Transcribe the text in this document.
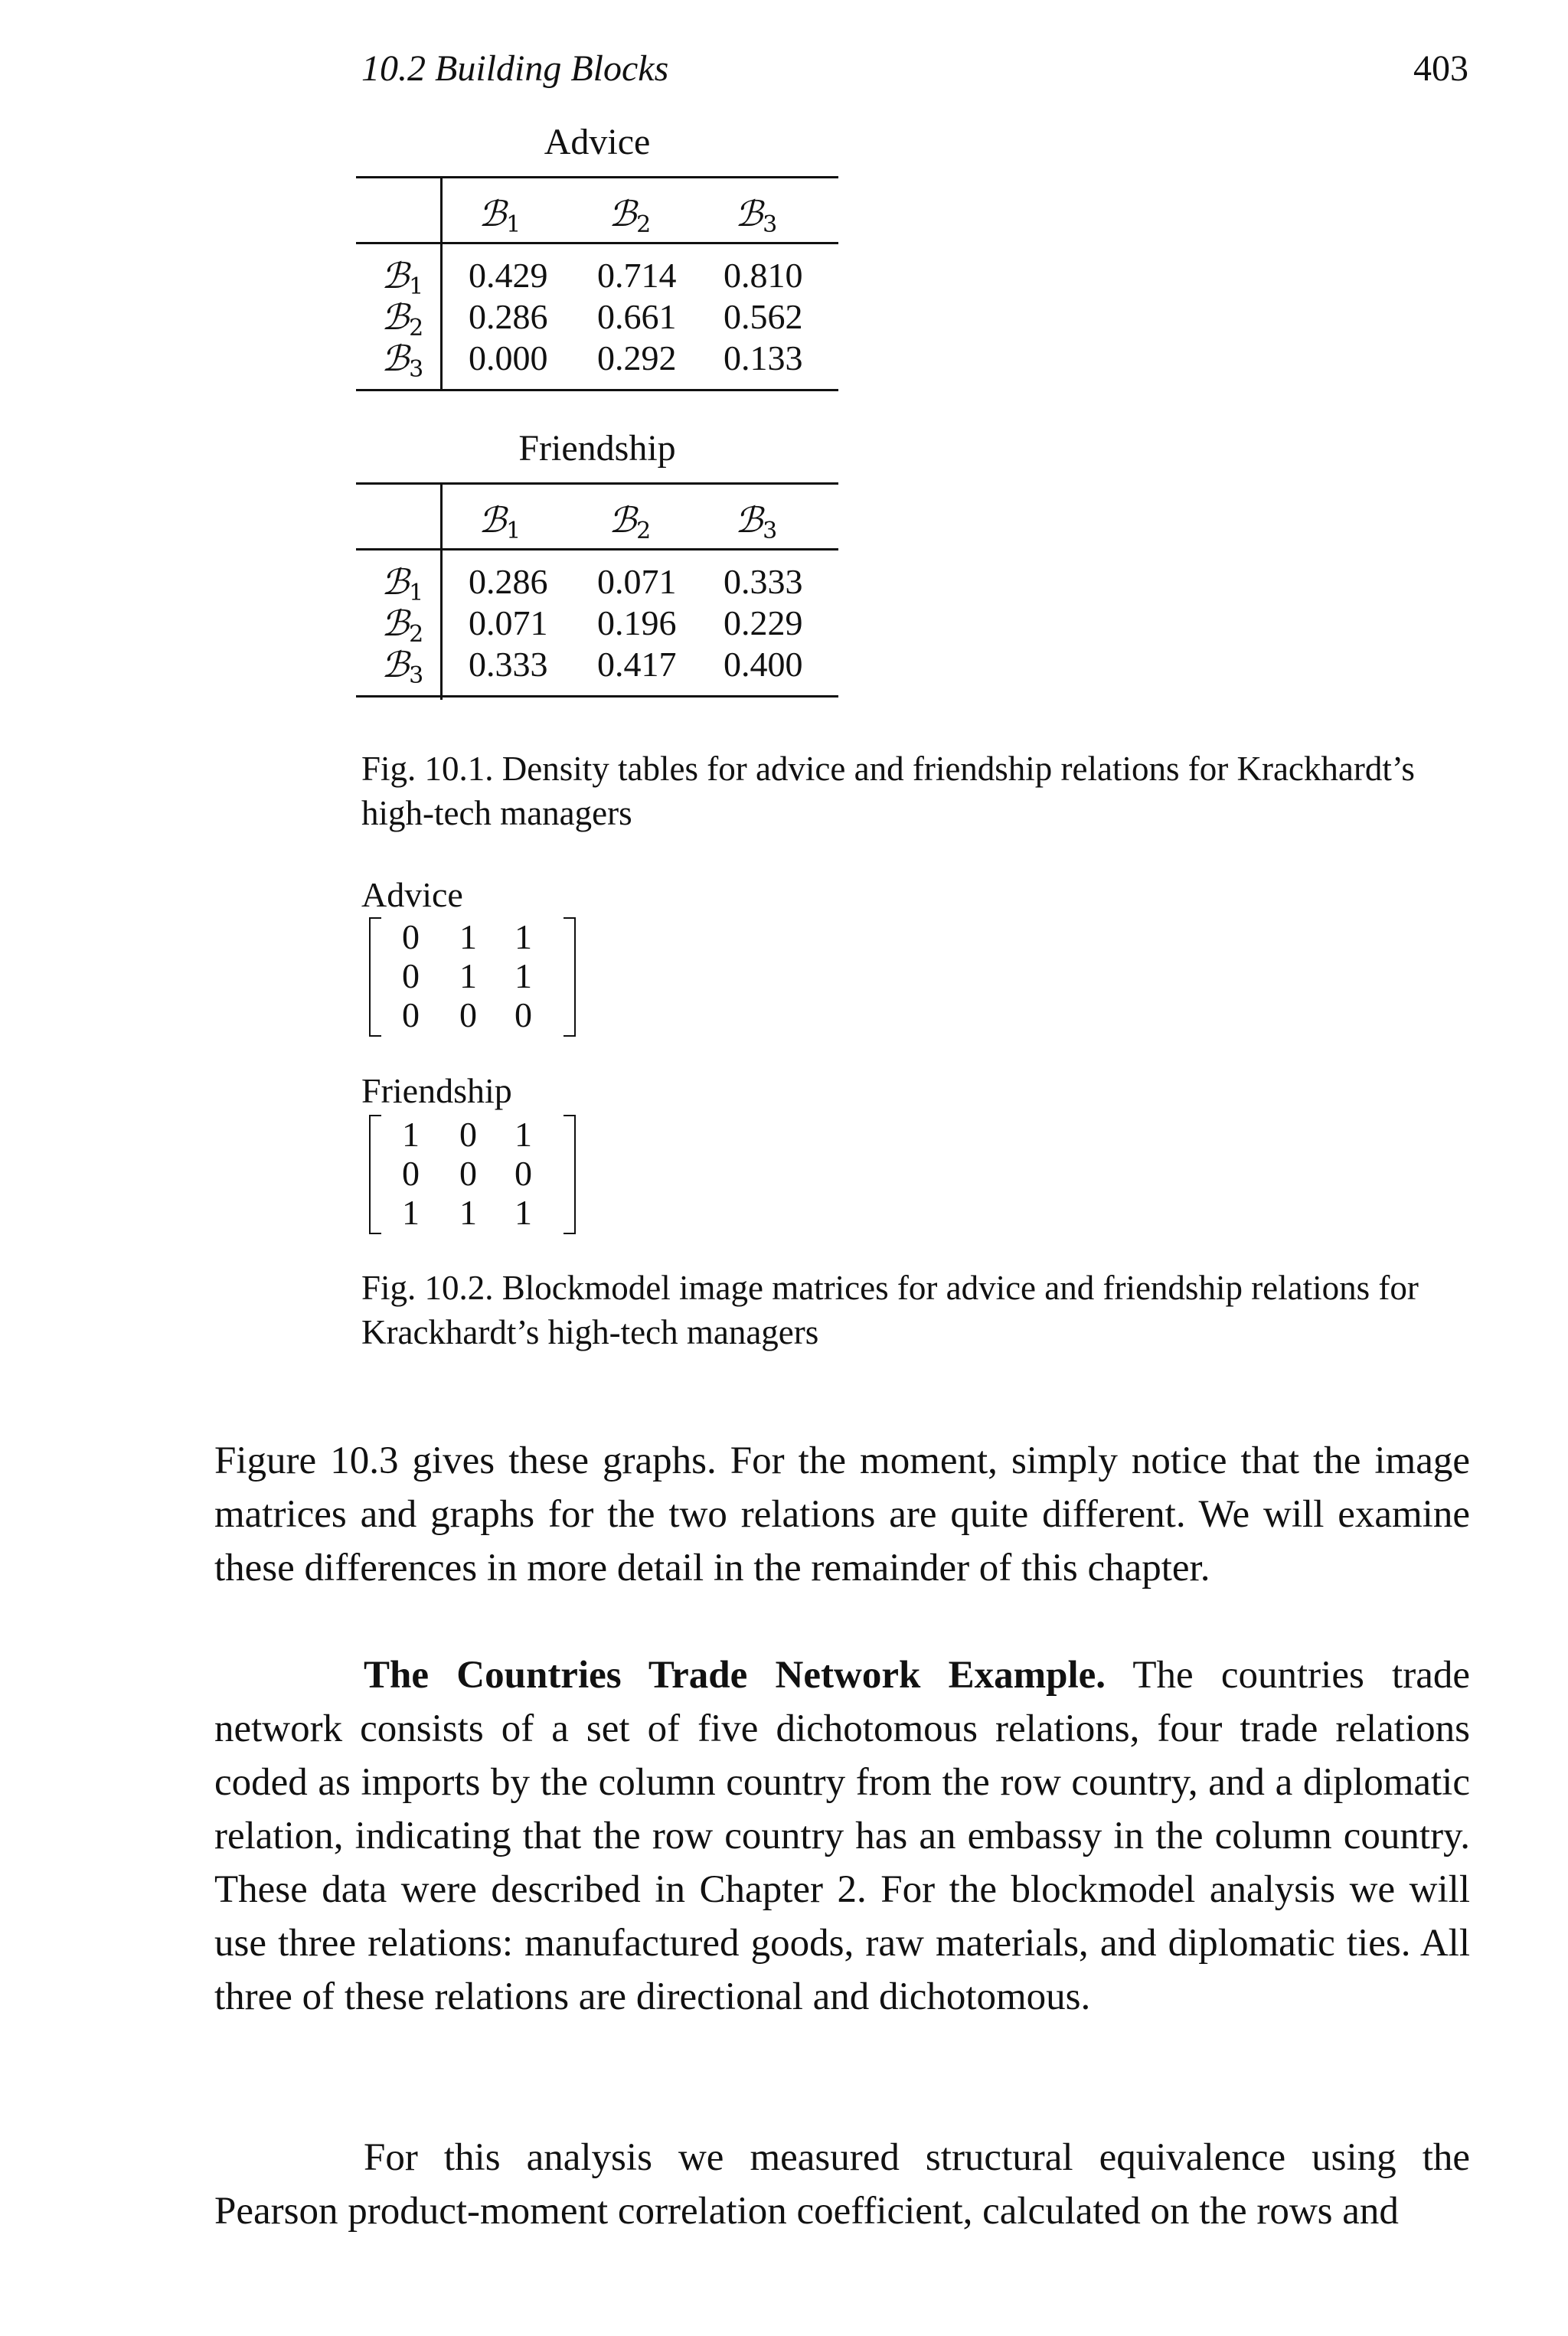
10.2 Building Blocks	403
Advice
ℬ$_1$ ℬ$_2$ ℬ$_3$
ℬ$_1$ 0.429 0.714 0.810
ℬ$_2$ 0.286 0.661 0.562
ℬ$_3$ 0.000 0.292 0.133
Friendship
ℬ$_1$ ℬ$_2$ ℬ$_3$
ℬ$_1$ 0.286 0.071 0.333
ℬ$_2$ 0.071 0.196 0.229
ℬ$_3$ 0.333 0.417 0.400
Fig. 10.1. Density tables for advice and friendship relations for Krackhardt’s high-tech managers
Advice
0 1 1
0 1 1
0 0 0
Friendship
1 0 1
0 0 0
1 1 1
Fig. 10.2. Blockmodel image matrices for advice and friendship relations for Krackhardt’s high-tech managers

Figure 10.3 gives these graphs. For the moment, simply notice that the image matrices and graphs for the two relations are quite different. We will examine these differences in more detail in the remainder of this chapter.

The Countries Trade Network Example. The countries trade network consists of a set of five dichotomous relations, four trade relations coded as imports by the column country from the row country, and a diplomatic relation, indicating that the row country has an embassy in the column country. These data were described in Chapter 2. For the blockmodel analysis we will use three relations: manufactured goods, raw materials, and diplomatic ties. All three of these relations are directional and dichotomous.

For this analysis we measured structural equivalence using the Pearson product-moment correlation coefficient, calculated on the rows and
